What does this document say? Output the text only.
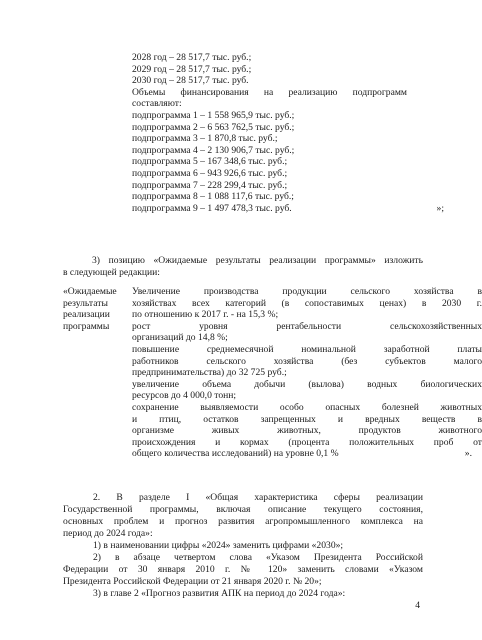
2028 год – 28 517,7 тыс. руб.;
2029 год – 28 517,7 тыс. руб.;
2030 год – 28 517,7 тыс. руб.
Объемы финансирования на реализацию подпрограмм
составляют:
подпрограмма 1 – 1 558 965,9 тыс. руб.;
подпрограмма 2 – 6 563 762,5 тыс. руб.;
подпрограмма 3 – 1 870,8 тыс. руб.;
подпрограмма 4 – 2 130 906,7 тыс. руб.;
подпрограмма 5 – 167 348,6 тыс. руб.;
подпрограмма 6 – 943 926,6 тыс. руб.;
подпрограмма 7 – 228 299,4 тыс. руб.;
подпрограмма 8 – 1 088 117,6 тыс. руб.;
подпрограмма 9 – 1 497 478,3 тыс. руб.	»;
3) позицию «Ожидаемые результаты реализации программы» изложить
в следующей редакции:
«Ожидаемые
результаты
реализации
программы
Увеличение производства продукции сельского хозяйства в
хозяйствах всех категорий (в сопоставимых ценах) в 2030 г.
по отношению к 2017 г. - на 15,3 %;
рост уровня рентабельности сельскохозяйственных
организаций до 14,8 %;
повышение среднемесячной номинальной заработной платы
работников сельского хозяйства (без субъектов малого
предпринимательства) до 32 725 руб.;
увеличение объема добычи (вылова) водных биологических
ресурсов до 4 000,0 тонн;
сохранение выявляемости особо опасных болезней животных
и птиц, остатков запрещенных и вредных веществ в
организме живых животных, продуктов животного
происхождения и кормах (процента положительных проб от
общего количества исследований) на уровне 0,1 %	».
2. В разделе I «Общая характеристика сферы реализации
Государственной программы, включая описание текущего состояния,
основных проблем и прогноз развития агропромышленного комплекса на
период до 2024 года»:
1) в наименовании цифры «2024» заменить цифрами «2030»;
2) в абзаце четвертом слова «Указом Президента Российской
Федерации от 30 января 2010 г. № 120» заменить словами «Указом
Президента Российской Федерации от 21 января 2020 г. № 20»;
3) в главе 2 «Прогноз развития АПК на период до 2024 года»:
4
